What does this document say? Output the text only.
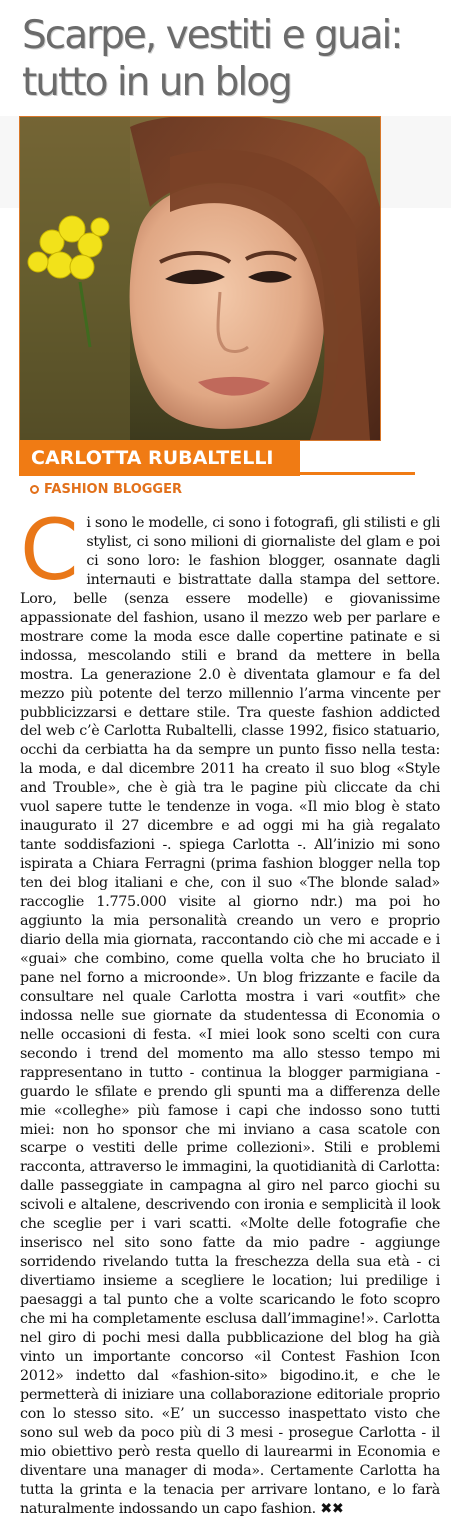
Scarpe, vestiti e guai: tutto in un blog
CARLOTTA RUBALTELLI
FASHION BLOGGER
Ci sono le modelle, ci sono i fotografi, gli stilisti e gli stylist, ci sono milioni di giornaliste del glam e poi ci sono loro: le fashion blogger, osannate dagli internauti e bistrattate dalla stampa del settore. Loro, belle (senza essere modelle) e giovanissime appassionate del fashion, usano il mezzo web per parlare e mostrare come la moda esce dalle copertine patinate e si indossa, mescolando stili e brand da mettere in bella mostra. La generazione 2.0 è diventata glamour e fa del mezzo più potente del terzo millennio l’arma vincente per pubblicizzarsi e dettare stile. Tra queste fashion addicted del web c’è Carlotta Rubaltelli, classe 1992, fisico statuario, occhi da cerbiatta ha da sempre un punto fisso nella testa: la moda, e dal dicembre 2011 ha creato il suo blog «Style and Trouble», che è già tra le pagine più cliccate da chi vuol sapere tutte le tendenze in voga. «Il mio blog è stato inaugurato il 27 dicembre e ad oggi mi ha già regalato tante soddisfazioni -. spiega Carlotta -. All’inizio mi sono ispirata a Chiara Ferragni (prima fashion blogger nella top ten dei blog italiani e che, con il suo «The blonde salad» raccoglie 1.775.000 visite al giorno ndr.) ma poi ho aggiunto la mia personalità creando un vero e proprio diario della mia giornata, raccontando ciò che mi accade e i «guai» che combino, come quella volta che ho bruciato il pane nel forno a microonde». Un blog frizzante e facile da consultare nel quale Carlotta mostra i vari «outfit» che indossa nelle sue giornate da studentessa di Economia o nelle occasioni di festa. «I miei look sono scelti con cura secondo i trend del momento ma allo stesso tempo mi rappresentano in tutto - continua la blogger parmigiana - guardo le sfilate e prendo gli spunti ma a differenza delle mie «colleghe» più famose i capi che indosso sono tutti miei: non ho sponsor che mi inviano a casa scatole con scarpe o vestiti delle prime collezioni». Stili e problemi racconta, attraverso le immagini, la quotidianità di Carlotta: dalle passeggiate in campagna al giro nel parco giochi su scivoli e altalene, descrivendo con ironia e semplicità il look che sceglie per i vari scatti. «Molte delle fotografie che inserisco nel sito sono fatte da mio padre - aggiunge sorridendo rivelando tutta la freschezza della sua età - ci divertiamo insieme a scegliere le location; lui predilige i paesaggi a tal punto che a volte scaricando le foto scopro che mi ha completamente esclusa dall’immagine!». Carlotta nel giro di pochi mesi dalla pubblicazione del blog ha già vinto un importante concorso «il Contest Fashion Icon 2012» indetto dal «fashion-sito» bigodino.it, e che le permetterà di iniziare una collaborazione editoriale proprio con lo stesso sito. «E’ un successo inaspettato visto che sono sul web da poco più di 3 mesi - prosegue Carlotta - il mio obiettivo però resta quello di laurearmi in Economia e diventare una manager di moda». Certamente Carlotta ha tutta la grinta e la tenacia per arrivare lontano, e lo farà naturalmente indossando un capo fashion. ✖✖
